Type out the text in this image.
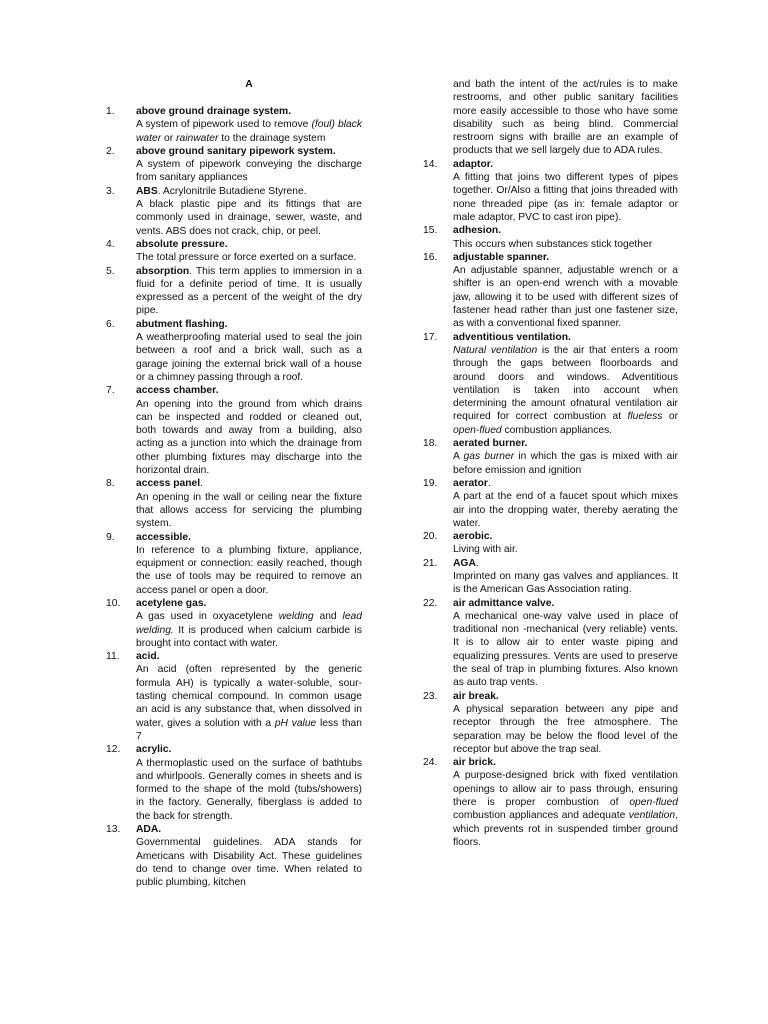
A
1.	above ground drainage system.
A system of pipework used to remove (foul) black water or rainwater to the drainage system
2.	above ground sanitary pipework system.
A system of pipework conveying the discharge from sanitary appliances
3.	ABS. Acrylonitrile Butadiene Styrene.
A black plastic pipe and its fittings that are commonly used in drainage, sewer, waste, and vents. ABS does not crack, chip, or peel.
4.	absolute pressure.
The total pressure or force exerted on a surface.
5.	absorption. This term applies to immersion in a fluid for a definite period of time. It is usually expressed as a percent of the weight of the dry pipe.
6.	abutment flashing.
A weatherproofing material used to seal the join between a roof and a brick wall, such as a garage joining the external brick wall of a house or a chimney passing through a roof.
7.	access chamber.
An opening into the ground from which drains can be inspected and rodded or cleaned out, both towards and away from a building, also acting as a junction into which the drainage from other plumbing fixtures may discharge into the horizontal drain.
8.	access panel.
An opening in the wall or ceiling near the fixture that allows access for servicing the plumbing system.
9.	accessible.
In reference to a plumbing fixture, appliance, equipment or connection: easily reached, though the use of tools may be required to remove an access panel or open a door.
10.	acetylene gas.
A gas used in oxyacetylene welding and lead welding. It is produced when calcium carbide is brought into contact with water.
11.	acid.
An acid (often represented by the generic formula AH) is typically a water-soluble, sour-tasting chemical compound. In common usage an acid is any substance that, when dissolved in water, gives a solution with a pH value less than 7
12.	acrylic.
A thermoplastic used on the surface of bathtubs and whirlpools. Generally comes in sheets and is formed to the shape of the mold (tubs/showers) in the factory. Generally, fiberglass is added to the back for strength.
13.	ADA.
Governmental guidelines. ADA stands for Americans with Disability Act. These guidelines do tend to change over time. When related to public plumbing, kitchen
and bath the intent of the act/rules is to make restrooms, and other public sanitary facilities more easily accessible to those who have some disability such as being blind. Commercial restroom signs with braille are an example of products that we sell largely due to ADA rules.
14.	adaptor.
A fitting that joins two different types of pipes together. Or/Also a fitting that joins threaded with none threaded pipe (as in: female adaptor or male adaptor, PVC to cast iron pipe).
15.	adhesion.
This occurs when substances stick together
16.	adjustable spanner.
An adjustable spanner, adjustable wrench or a shifter is an open-end wrench with a movable jaw, allowing it to be used with different sizes of fastener head rather than just one fastener size, as with a conventional fixed spanner.
17.	adventitious ventilation.
Natural ventilation is the air that enters a room through the gaps between floorboards and around doors and windows. Adventitious ventilation is taken into account when determining the amount ofnatural ventilation air required for correct combustion at flueless or open-flued combustion appliances.
18.	aerated burner.
A gas burner in which the gas is mixed with air before emission and ignition
19.	aerator.
A part at the end of a faucet spout which mixes air into the dropping water, thereby aerating the water.
20.	aerobic.
Living with air.
21.	AGA.
Imprinted on many gas valves and appliances. It is the American Gas Association rating.
22.	air admittance valve.
A mechanical one-way valve used in place of traditional non -mechanical (very reliable) vents. It is to allow air to enter waste piping and equalizing pressures. Vents are used to preserve the seal of trap in plumbing fixtures. Also known as auto trap vents.
23.	air break.
A physical separation between any pipe and receptor through the free atmosphere. The separation may be below the flood level of the receptor but above the trap seal.
24.	air brick.
A purpose-designed brick with fixed ventilation openings to allow air to pass through, ensuring there is proper combustion of open-flued combustion appliances and adequate ventilation, which prevents rot in suspended timber ground floors.
